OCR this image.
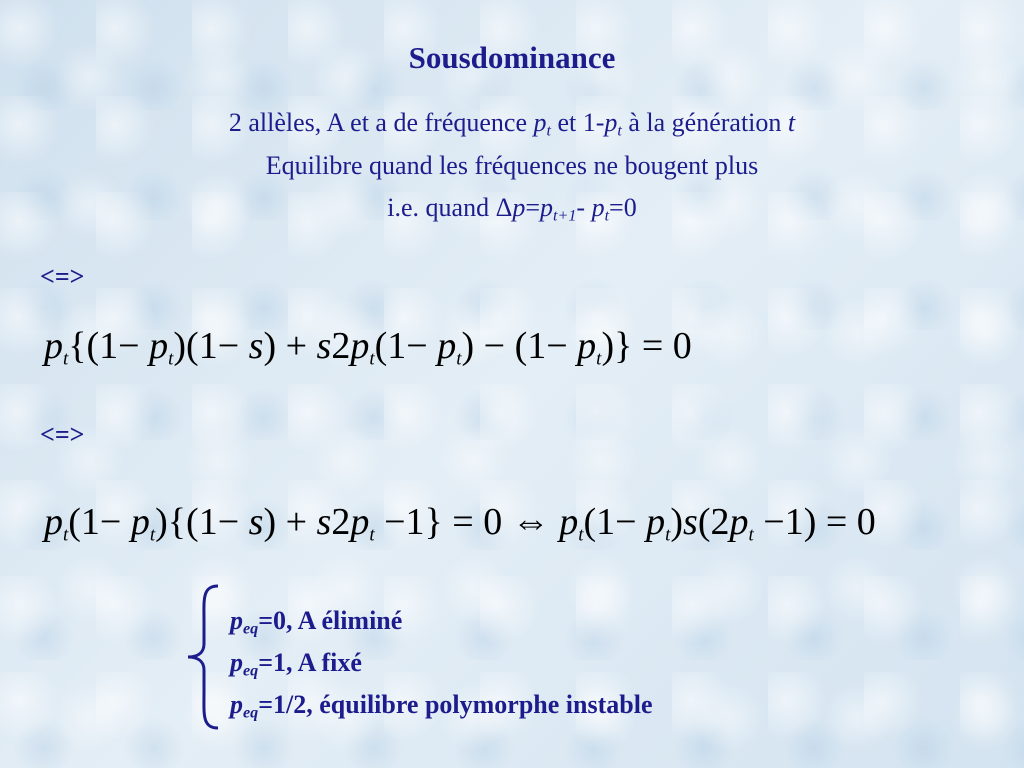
Sousdominance
2 allèles, A et a de fréquence $p_t$ et $1-p_t$ à la génération t
Equilibre quand les fréquences ne bougent plus
i.e. quand $\Delta p=p_{t+1}-$ $p_t=0$
<=>
$p_t\{(1- p_t)(1- s) + s2p_t(1- p_t) - (1- p_t)\} = 0$
<=>
$p_t(1- p_t)\{(1- s) + s2p_t -1\} = 0$ ⇔ $p_t(1- p_t)s(2p_t -1) = 0$
$p_{eq}=0$, A éliminé
$p_{eq}=1$, A fixé
$p_{eq}=1/2$, équilibre polymorphe instable
